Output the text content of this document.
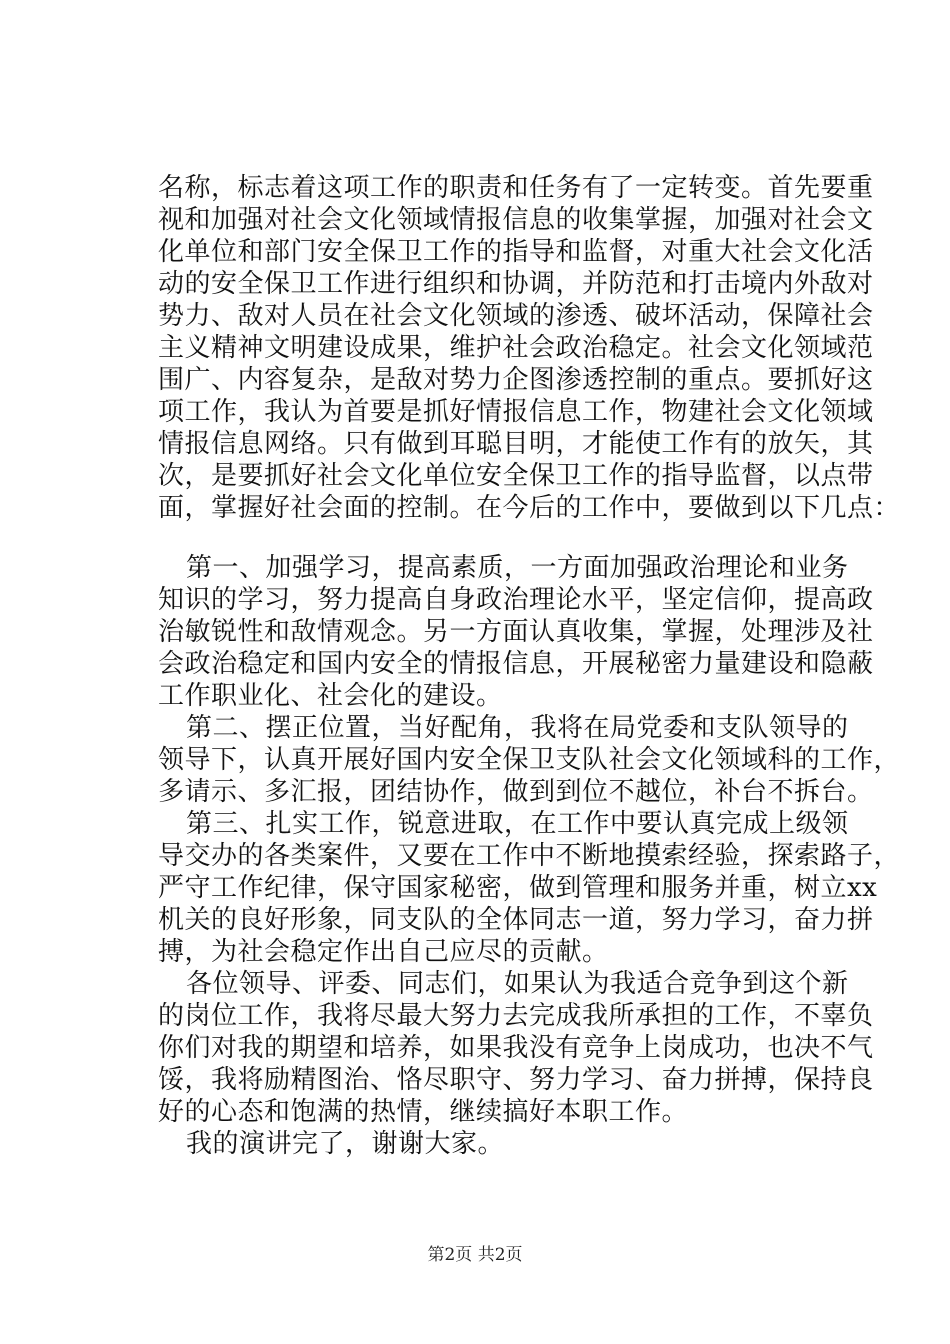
名称，标志着这项工作的职责和任务有了一定转变。首先要重
视和加强对社会文化领域情报信息的收集掌握，加强对社会文
化单位和部门安全保卫工作的指导和监督，对重大社会文化活
动的安全保卫工作进行组织和协调，并防范和打击境内外敌对
势力、敌对人员在社会文化领域的渗透、破坏活动，保障社会
主义精神文明建设成果，维护社会政治稳定。社会文化领域范
围广、内容复杂，是敌对势力企图渗透控制的重点。要抓好这
项工作，我认为首要是抓好情报信息工作，物建社会文化领域
情报信息网络。只有做到耳聪目明，才能使工作有的放矢，其
次，是要抓好社会文化单位安全保卫工作的指导监督，以点带
面，掌握好社会面的控制。在今后的工作中，要做到以下几点：
第一、加强学习，提高素质，一方面加强政治理论和业务
知识的学习，努力提高自身政治理论水平，坚定信仰，提高政
治敏锐性和敌情观念。另一方面认真收集，掌握，处理涉及社
会政治稳定和国内安全的情报信息，开展秘密力量建设和隐蔽
工作职业化、社会化的建设。
第二、摆正位置，当好配角，我将在局党委和支队领导的
领导下，认真开展好国内安全保卫支队社会文化领域科的工作，
多请示、多汇报，团结协作，做到到位不越位，补台不拆台。
第三、扎实工作，锐意进取，在工作中要认真完成上级领
导交办的各类案件，又要在工作中不断地摸索经验，探索路子，
严守工作纪律，保守国家秘密，做到管理和服务并重，树立xx
机关的良好形象，同支队的全体同志一道，努力学习，奋力拼
搏，为社会稳定作出自己应尽的贡献。
各位领导、评委、同志们，如果认为我适合竞争到这个新
的岗位工作，我将尽最大努力去完成我所承担的工作，不辜负
你们对我的期望和培养，如果我没有竞争上岗成功，也决不气
馁，我将励精图治、恪尽职守、努力学习、奋力拼搏，保持良
好的心态和饱满的热情，继续搞好本职工作。
我的演讲完了，谢谢大家。
第2页 共2页
